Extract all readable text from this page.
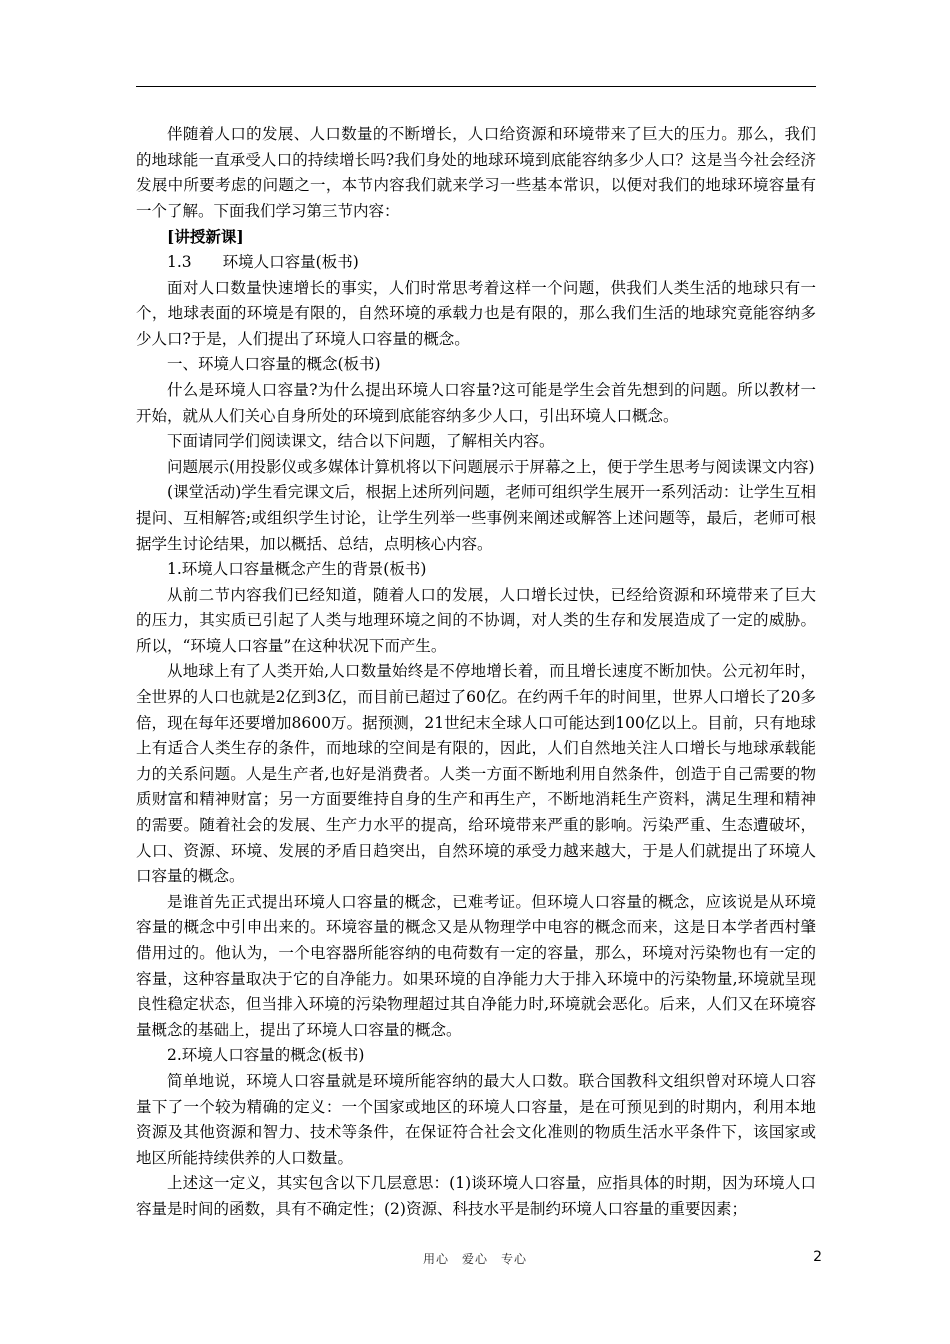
伴随着人口的发展、人口数量的不断增长，人口给资源和环境带来了巨大的压力。那么，我们的地球能一直承受人口的持续增长吗?我们身处的地球环境到底能容纳多少人口？这是当今社会经济发展中所要考虑的问题之一，本节内容我们就来学习一些基本常识，以便对我们的地球环境容量有一个了解。下面我们学习第三节内容：

[讲授新课]

1.3　　环境人口容量(板书)

面对人口数量快速增长的事实，人们时常思考着这样一个问题，供我们人类生活的地球只有一个，地球表面的环境是有限的，自然环境的承载力也是有限的，那么我们生活的地球究竟能容纳多少人口?于是，人们提出了环境人口容量的概念。

一、环境人口容量的概念(板书)

什么是环境人口容量?为什么提出环境人口容量?这可能是学生会首先想到的问题。所以教材一开始，就从人们关心自身所处的环境到底能容纳多少人口，引出环境人口概念。

下面请同学们阅读课文，结合以下问题，了解相关内容。

问题展示(用投影仪或多媒体计算机将以下问题展示于屏幕之上，便于学生思考与阅读课文内容)

(课堂活动)学生看完课文后，根据上述所列问题，老师可组织学生展开一系列活动：让学生互相提问、互相解答;或组织学生讨论，让学生列举一些事例来阐述或解答上述问题等，最后，老师可根据学生讨论结果，加以概括、总结，点明核心内容。

1.环境人口容量概念产生的背景(板书)

从前二节内容我们已经知道，随着人口的发展，人口增长过快，已经给资源和环境带来了巨大的压力，其实质已引起了人类与地理环境之间的不协调，对人类的生存和发展造成了一定的威胁。所以，“环境人口容量”在这种状况下而产生。

从地球上有了人类开始,人口数量始终是不停地增长着，而且增长速度不断加快。公元初年时，全世界的人口也就是2亿到3亿，而目前已超过了60亿。在约两千年的时间里，世界人口增长了20多倍，现在每年还要增加8600万。据预测，21世纪末全球人口可能达到100亿以上。目前，只有地球上有适合人类生存的条件，而地球的空间是有限的，因此，人们自然地关注人口增长与地球承载能力的关系问题。人是生产者,也好是消费者。人类一方面不断地利用自然条件，创造于自己需要的物质财富和精神财富；另一方面要维持自身的生产和再生产，不断地消耗生产资料，满足生理和精神的需要。随着社会的发展、生产力水平的提高，给环境带来严重的影响。污染严重、生态遭破坏，人口、资源、环境、发展的矛盾日趋突出，自然环境的承受力越来越大，于是人们就提出了环境人口容量的概念。

是谁首先正式提出环境人口容量的概念，已难考证。但环境人口容量的概念，应该说是从环境容量的概念中引申出来的。环境容量的概念又是从物理学中电容的概念而来，这是日本学者西村肇借用过的。他认为，一个电容器所能容纳的电荷数有一定的容量，那么，环境对污染物也有一定的容量，这种容量取决于它的自净能力。如果环境的自净能力大于排入环境中的污染物量,环境就呈现良性稳定状态，但当排入环境的污染物理超过其自净能力时,环境就会恶化。后来，人们又在环境容量概念的基础上，提出了环境人口容量的概念。

2.环境人口容量的概念(板书)

简单地说，环境人口容量就是环境所能容纳的最大人口数。联合国教科文组织曾对环境人口容量下了一个较为精确的定义：一个国家或地区的环境人口容量，是在可预见到的时期内，利用本地资源及其他资源和智力、技术等条件，在保证符合社会文化准则的物质生活水平条件下，该国家或地区所能持续供养的人口数量。

上述这一定义，其实包含以下几层意思：(1)谈环境人口容量，应指具体的时期，因为环境人口容量是时间的函数，具有不确定性；(2)资源、科技水平是制约环境人口容量的重要因素；

用心　爱心　专心	2
